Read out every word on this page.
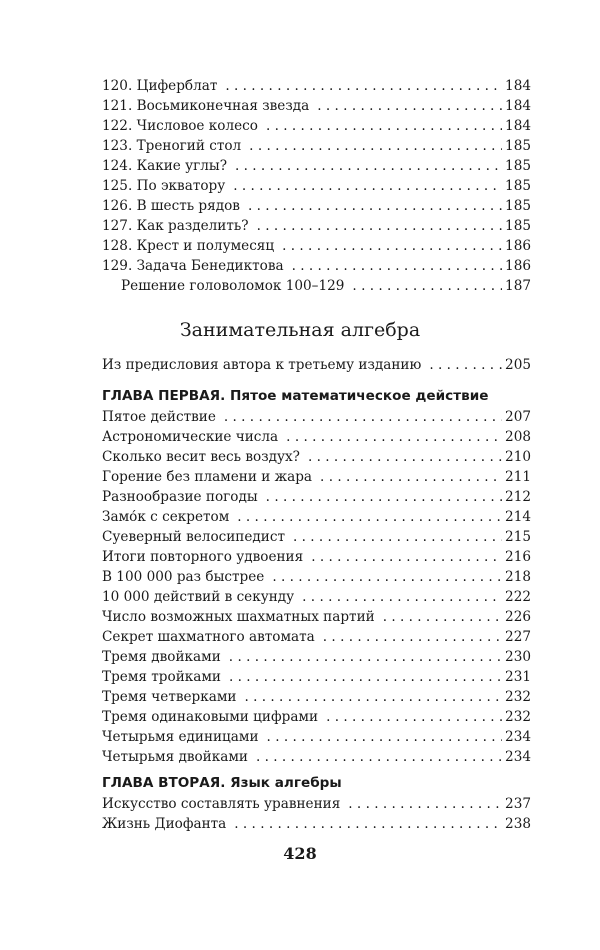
120. Циферблат . . .	184
121. Восьмиконечная звезда . . .	184
122. Числовое колесо . . .	184
123. Треногий стол . . .	185
124. Какие углы? . . .	185
125. По экватору . . .	185
126. В шесть рядов . . .	185
127. Как разделить? . . .	185
128. Крест и полумесяц . . .	186
129. Задача Бенедиктова . . .	186
Решение головоломок 100–129 . . .	187
Занимательная алгебра
Из предисловия автора к третьему изданию . . .	205
ГЛАВА ПЕРВАЯ. Пятое математическое действие
Пятое действие . . .	207
Астрономические числа . . .	208
Сколько весит весь воздух? . . .	210
Горение без пламени и жара . . .	211
Разнообразие погоды . . .	212
Замо́к с секретом . . .	214
Суеверный велосипедист . . .	215
Итоги повторного удвоения . . .	216
В 100 000 раз быстрее . . .	218
10 000 действий в секунду . . .	222
Число возможных шахматных партий . . .	226
Секрет шахматного автомата . . .	227
Тремя двойками . . .	230
Тремя тройками . . .	231
Тремя четверками . . .	232
Тремя одинаковыми цифрами . . .	232
Четырьмя единицами . . .	234
Четырьмя двойками . . .	234
ГЛАВА ВТОРАЯ. Язык алгебры
Искусство составлять уравнения . . .	237
Жизнь Диофанта . . .	238
428
